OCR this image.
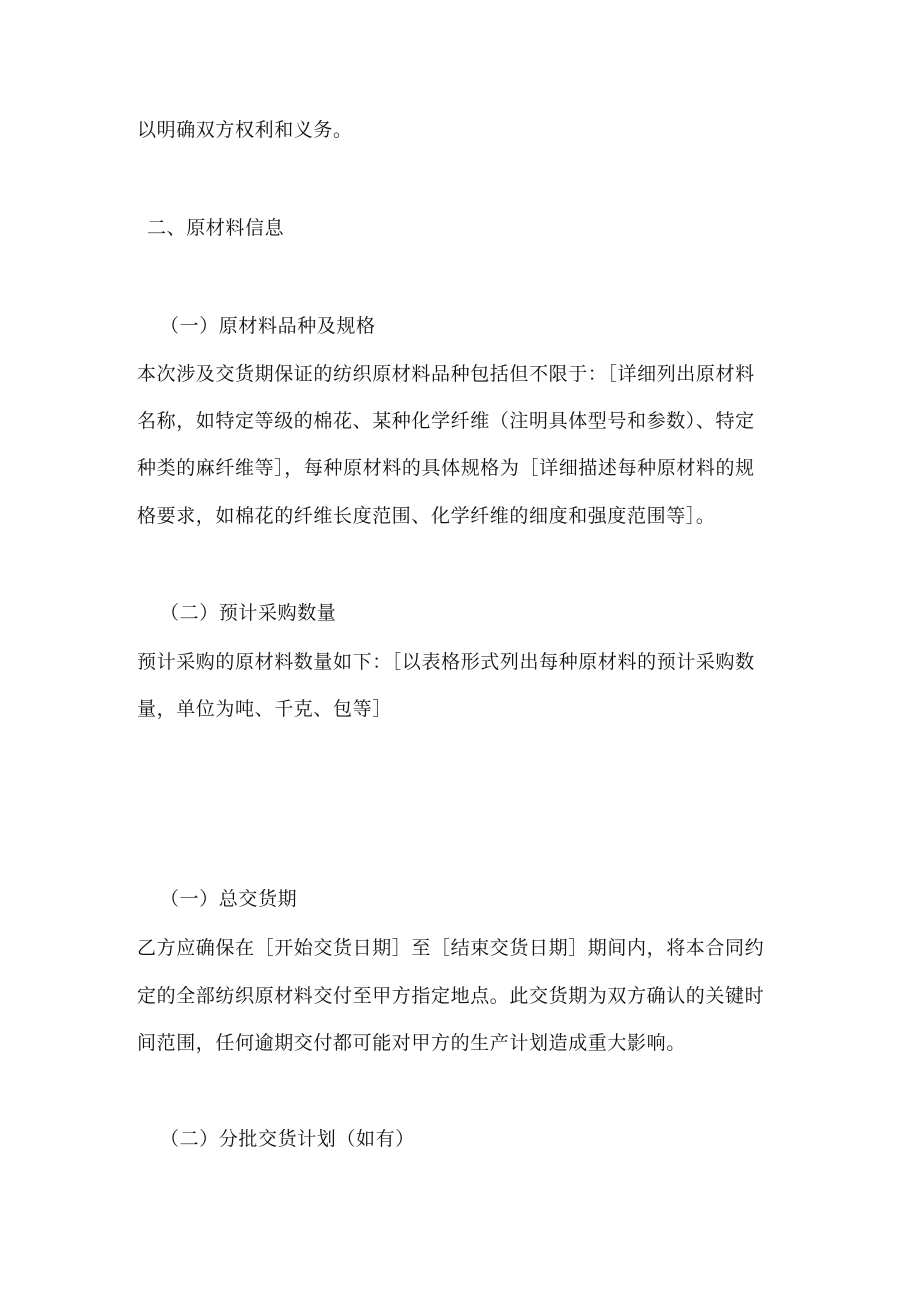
以明确双方权利和义务。
二、原材料信息
（一）原材料品种及规格
本次涉及交货期保证的纺织原材料品种包括但不限于：［详细列出原材料
名称，如特定等级的棉花、某种化学纤维（注明具体型号和参数）、特定
种类的麻纤维等］，每种原材料的具体规格为［详细描述每种原材料的规
格要求，如棉花的纤维长度范围、化学纤维的细度和强度范围等］。
（二）预计采购数量
预计采购的原材料数量如下：［以表格形式列出每种原材料的预计采购数
量，单位为吨、千克、包等］
（一）总交货期
乙方应确保在［开始交货日期］至［结束交货日期］期间内，将本合同约
定的全部纺织原材料交付至甲方指定地点。此交货期为双方确认的关键时
间范围，任何逾期交付都可能对甲方的生产计划造成重大影响。
（二）分批交货计划（如有）
